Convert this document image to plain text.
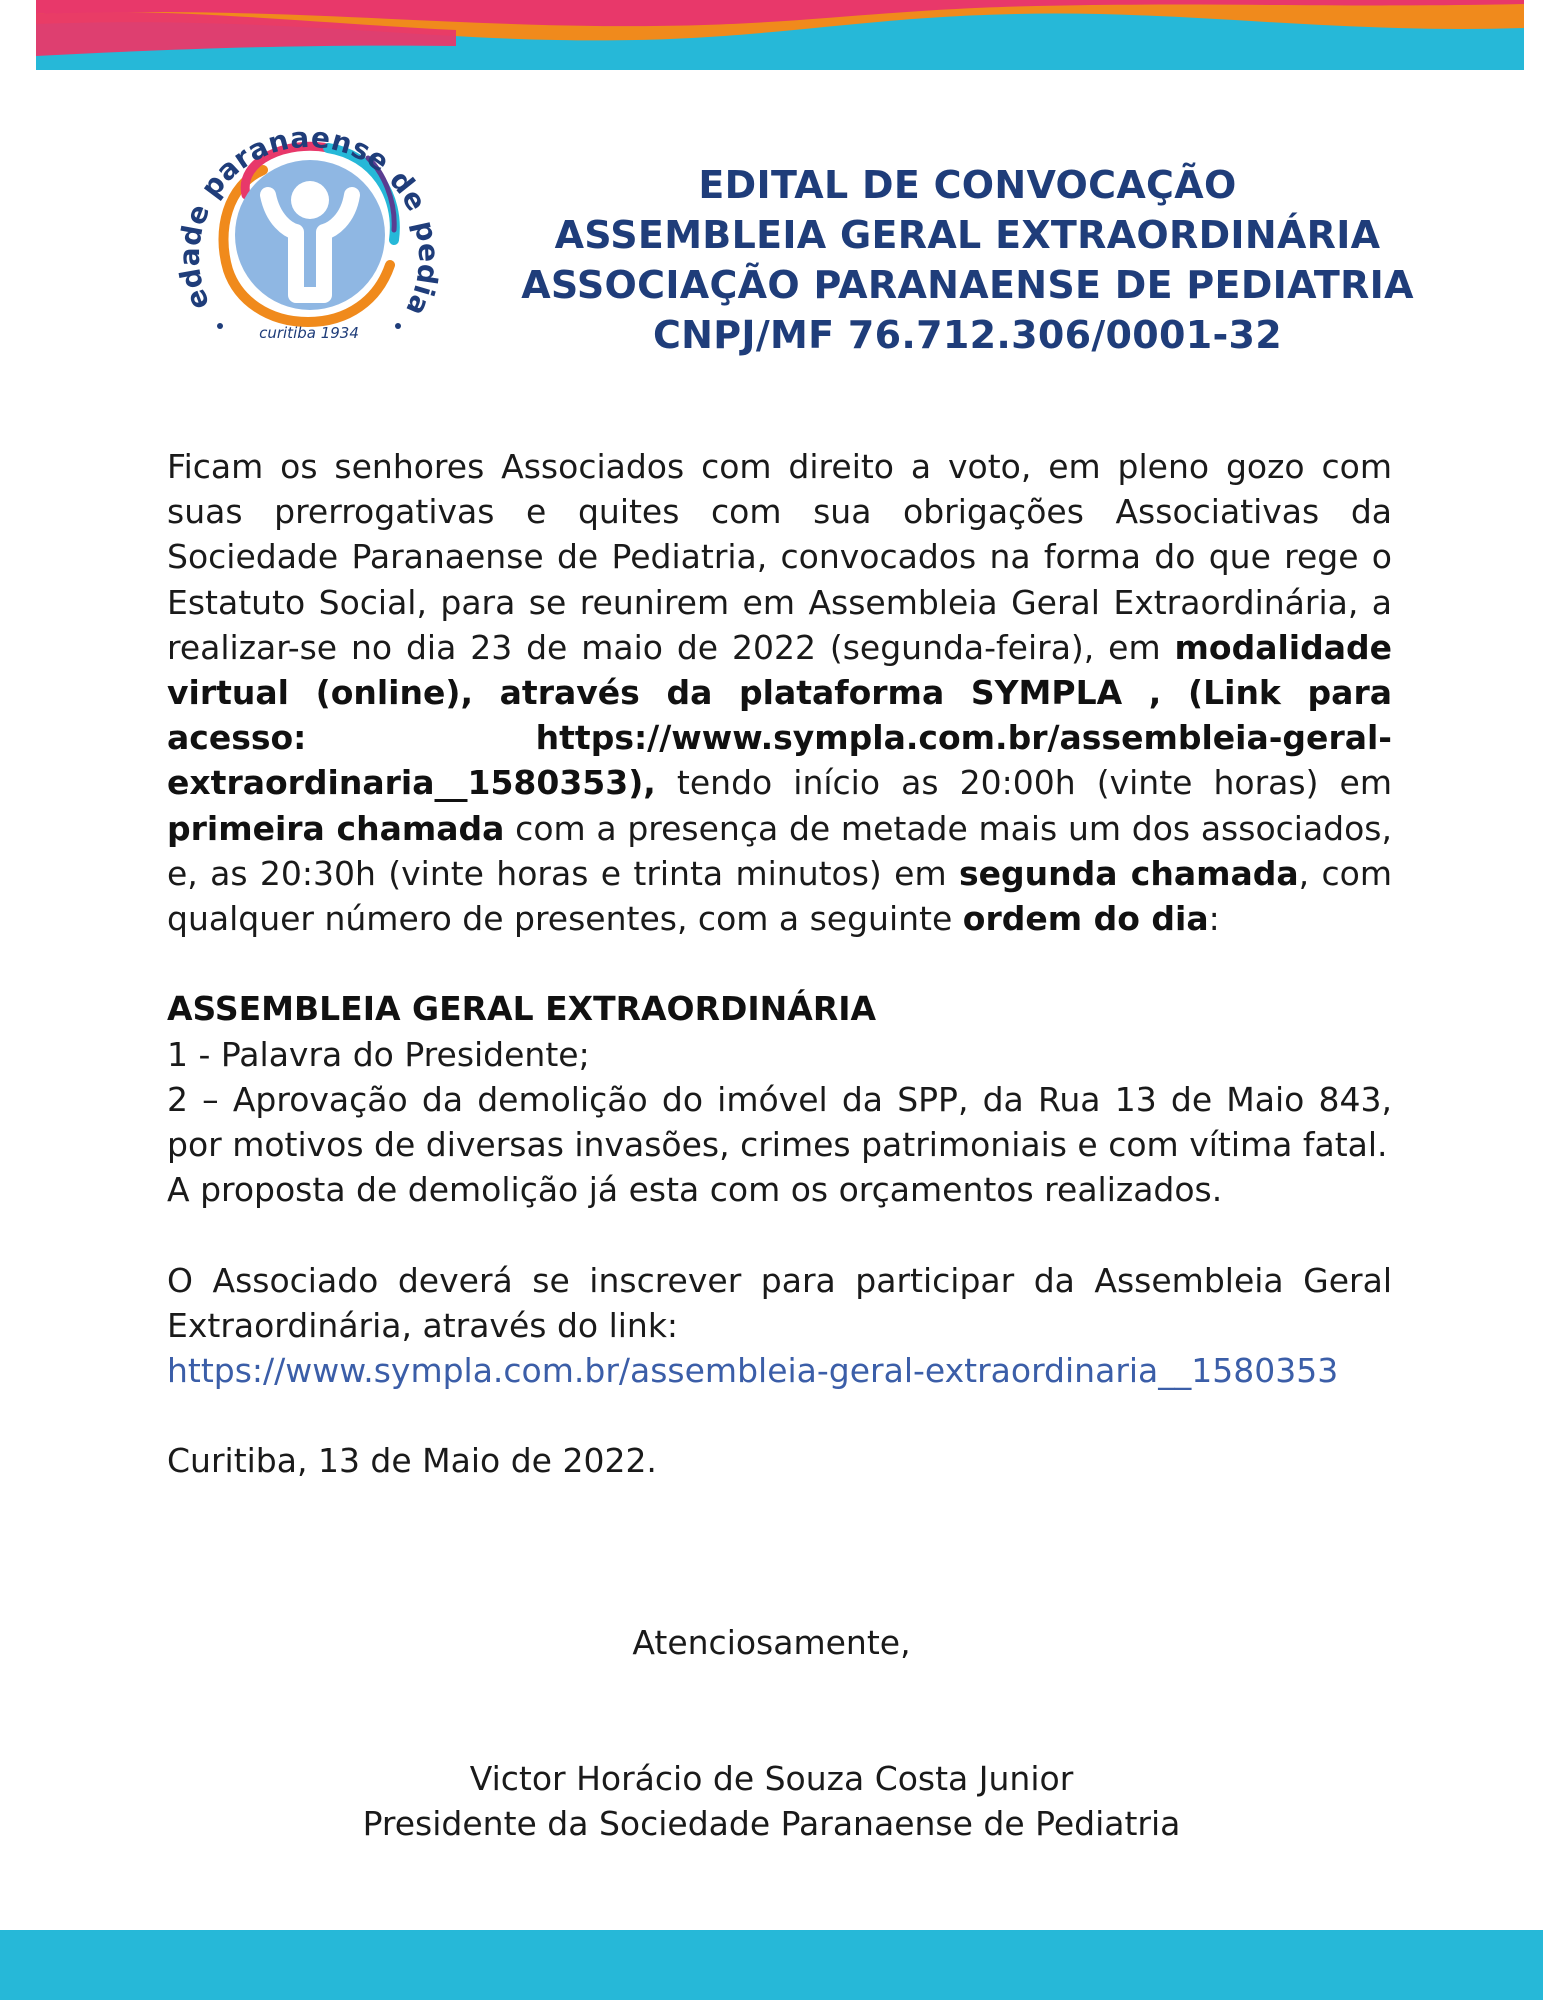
edade paranaense de pedia
curitiba 1934
EDITAL DE CONVOCAÇÃO
ASSEMBLEIA GERAL EXTRAORDINÁRIA
ASSOCIAÇÃO PARANAENSE DE PEDIATRIA
CNPJ/MF 76.712.306/0001-32

Ficam os senhores Associados com direito a voto, em pleno gozo com suas prerrogativas e quites com sua obrigações Associativas da Sociedade Paranaense de Pediatria, convocados na forma do que rege o Estatuto Social, para se reunirem em Assembleia Geral Extraordinária, a realizar-se no dia 23 de maio de 2022 (segunda-feira), em modalidade virtual (online), através da plataforma SYMPLA , (Link para acesso: https://www.sympla.com.br/assembleia-geral-extraordinaria__1580353), tendo início as 20:00h (vinte horas) em primeira chamada com a presença de metade mais um dos associados, e, as 20:30h (vinte horas e trinta minutos) em segunda chamada, com qualquer número de presentes, com a seguinte ordem do dia:

ASSEMBLEIA GERAL EXTRAORDINÁRIA

1 - Palavra do Presidente;

2 – Aprovação da demolição do imóvel da SPP, da Rua 13 de Maio 843, por motivos de diversas invasões, crimes patrimoniais e com vítima fatal.

A proposta de demolição já esta com os orçamentos realizados.

O Associado deverá se inscrever para participar da Assembleia Geral Extraordinária, através do link:

https://www.sympla.com.br/assembleia-geral-extraordinaria__1580353

Curitiba, 13 de Maio de 2022.

Atenciosamente,
Victor Horácio de Souza Costa Junior
Presidente da Sociedade Paranaense de Pediatria
